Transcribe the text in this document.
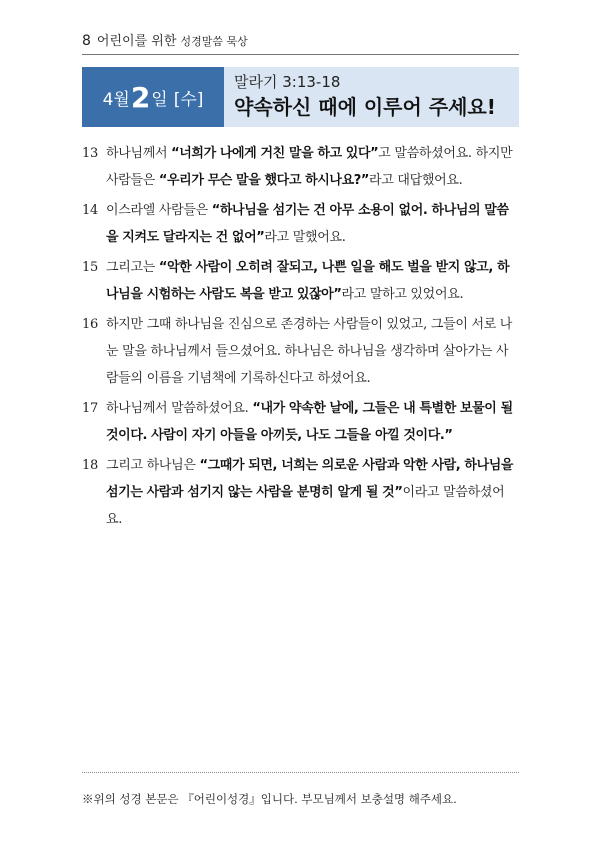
8 어린이를 위한 성경말씀 묵상
4월 2 일 [수]
말라기 3:13-18
약속하신 때에 이루어 주세요!
13 하나님께서 “너희가 나에게 거친 말을 하고 있다”고 말씀하셨어요. 하지만 사람들은 “우리가 무슨 말을 했다고 하시나요?”라고 대답했어요.
14 이스라엘 사람들은 “하나님을 섬기는 건 아무 소용이 없어. 하나님의 말씀을 지켜도 달라지는 건 없어”라고 말했어요.
15 그리고는 “악한 사람이 오히려 잘되고, 나쁜 일을 해도 벌을 받지 않고, 하나님을 시험하는 사람도 복을 받고 있잖아”라고 말하고 있었어요.
16 하지만 그때 하나님을 진심으로 존경하는 사람들이 있었고, 그들이 서로 나눈 말을 하나님께서 들으셨어요. 하나님은 하나님을 생각하며 살아가는 사람들의 이름을 기념책에 기록하신다고 하셨어요.
17 하나님께서 말씀하셨어요. “내가 약속한 날에, 그들은 내 특별한 보물이 될 것이다. 사람이 자기 아들을 아끼듯, 나도 그들을 아낄 것이다.”
18 그리고 하나님은 “그때가 되면, 너희는 의로운 사람과 악한 사람, 하나님을 섬기는 사람과 섬기지 않는 사람을 분명히 알게 될 것”이라고 말씀하셨어요.
※위의 성경 본문은 『어린이성경』입니다. 부모님께서 보충설명 해주세요.
